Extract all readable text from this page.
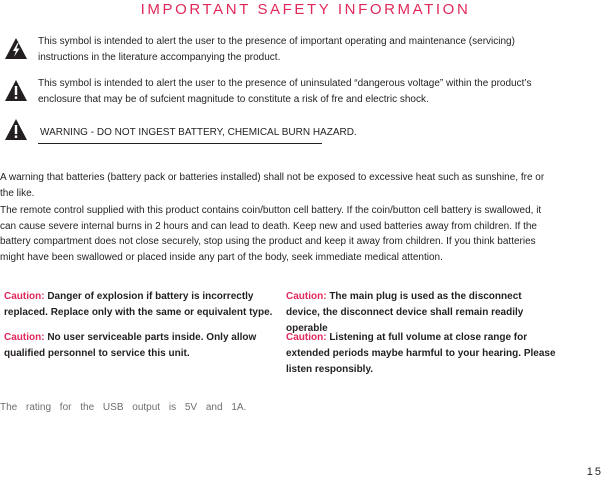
IMPORTANT SAFETY INFORMATION
This symbol is intended to alert the user to the presence of important operating and maintenance (servicing) instructions in the literature accompanying the product.
This symbol is intended to alert the user to the presence of uninsulated “dangerous voltage” within the product’s enclosure that may be of sufcient magnitude to constitute a risk of fre and electric shock.
WARNING - DO NOT INGEST BATTERY, CHEMICAL BURN HAZARD.
A warning that batteries (battery pack or batteries installed) shall not be exposed to excessive heat such as sunshine, fre or the like.
The remote control supplied with this product contains coin/button cell battery. If the coin/button cell battery is swallowed, it can cause severe internal burns in 2 hours and can lead to death. Keep new and used batteries away from children. If the battery compartment does not close securely, stop using the product and keep it away from children. If you think batteries might have been swallowed or placed inside any part of the body, seek immediate medical attention.
Caution: Danger of explosion if battery is incorrectly replaced. Replace only with the same or equivalent type.
Caution: No user serviceable parts inside. Only allow qualified personnel to service this unit.
Caution: The main plug is used as the disconnect device, the disconnect device shall remain readily operable
Caution: Listening at full volume at close range for extended periods maybe harmful to your hearing. Please listen responsibly.
The rating for the USB output is 5V and 1A.
15
